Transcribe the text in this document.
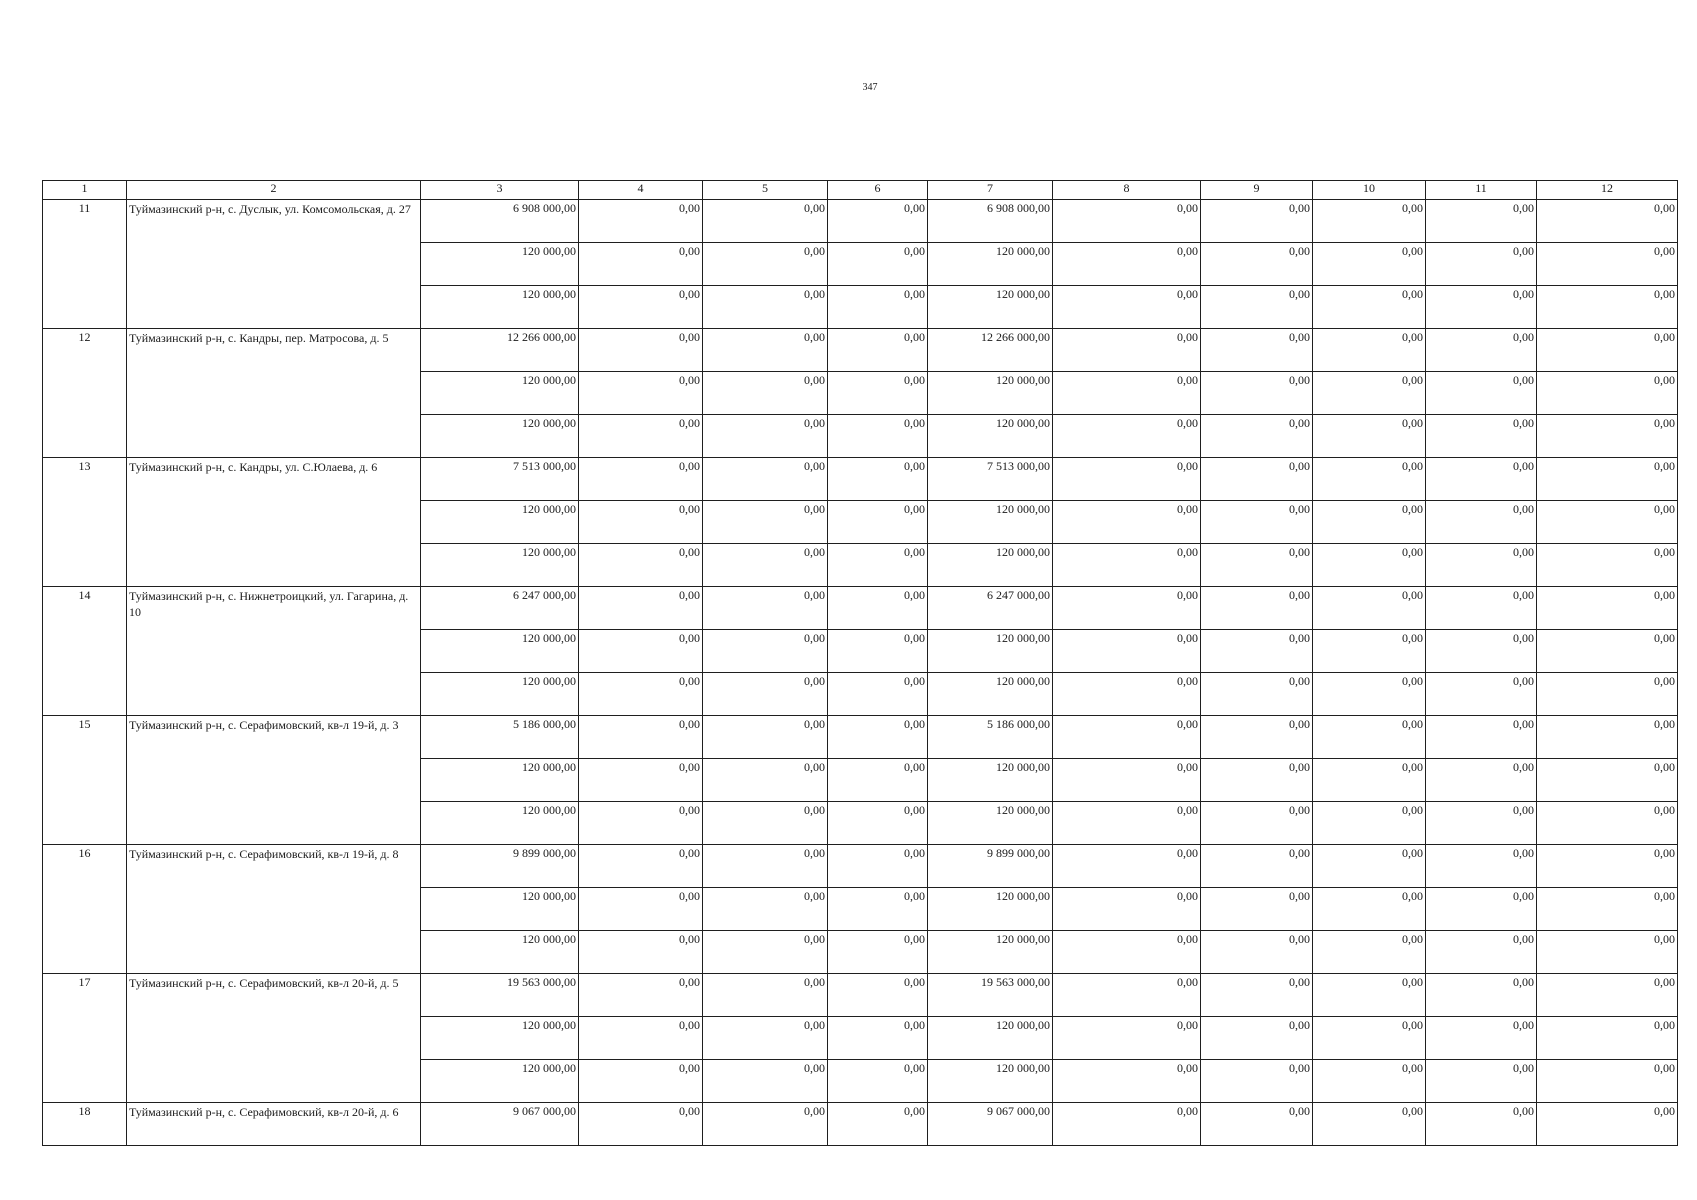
347
1	2	3	4	5	6	7	8	9	10	11	12
11	Туймазинский р-н, с. Дуслык, ул. Комсомольская, д. 27	6 908 000,00	0,00	0,00	0,00	6 908 000,00	0,00	0,00	0,00	0,00	0,00
		120 000,00	0,00	0,00	0,00	120 000,00	0,00	0,00	0,00	0,00	0,00
		120 000,00	0,00	0,00	0,00	120 000,00	0,00	0,00	0,00	0,00	0,00
12	Туймазинский р-н, с. Кандры, пер. Матросова, д. 5	12 266 000,00	0,00	0,00	0,00	12 266 000,00	0,00	0,00	0,00	0,00	0,00
		120 000,00	0,00	0,00	0,00	120 000,00	0,00	0,00	0,00	0,00	0,00
		120 000,00	0,00	0,00	0,00	120 000,00	0,00	0,00	0,00	0,00	0,00
13	Туймазинский р-н, с. Кандры, ул. С.Юлаева, д. 6	7 513 000,00	0,00	0,00	0,00	7 513 000,00	0,00	0,00	0,00	0,00	0,00
		120 000,00	0,00	0,00	0,00	120 000,00	0,00	0,00	0,00	0,00	0,00
		120 000,00	0,00	0,00	0,00	120 000,00	0,00	0,00	0,00	0,00	0,00
14	Туймазинский р-н, с. Нижнетроицкий, ул. Гагарина, д. 10	6 247 000,00	0,00	0,00	0,00	6 247 000,00	0,00	0,00	0,00	0,00	0,00
		120 000,00	0,00	0,00	0,00	120 000,00	0,00	0,00	0,00	0,00	0,00
		120 000,00	0,00	0,00	0,00	120 000,00	0,00	0,00	0,00	0,00	0,00
15	Туймазинский р-н, с. Серафимовский, кв-л 19-й, д. 3	5 186 000,00	0,00	0,00	0,00	5 186 000,00	0,00	0,00	0,00	0,00	0,00
		120 000,00	0,00	0,00	0,00	120 000,00	0,00	0,00	0,00	0,00	0,00
		120 000,00	0,00	0,00	0,00	120 000,00	0,00	0,00	0,00	0,00	0,00
16	Туймазинский р-н, с. Серафимовский, кв-л 19-й, д. 8	9 899 000,00	0,00	0,00	0,00	9 899 000,00	0,00	0,00	0,00	0,00	0,00
		120 000,00	0,00	0,00	0,00	120 000,00	0,00	0,00	0,00	0,00	0,00
		120 000,00	0,00	0,00	0,00	120 000,00	0,00	0,00	0,00	0,00	0,00
17	Туймазинский р-н, с. Серафимовский, кв-л 20-й, д. 5	19 563 000,00	0,00	0,00	0,00	19 563 000,00	0,00	0,00	0,00	0,00	0,00
		120 000,00	0,00	0,00	0,00	120 000,00	0,00	0,00	0,00	0,00	0,00
		120 000,00	0,00	0,00	0,00	120 000,00	0,00	0,00	0,00	0,00	0,00
18	Туймазинский р-н, с. Серафимовский, кв-л 20-й, д. 6	9 067 000,00	0,00	0,00	0,00	9 067 000,00	0,00	0,00	0,00	0,00	0,00
